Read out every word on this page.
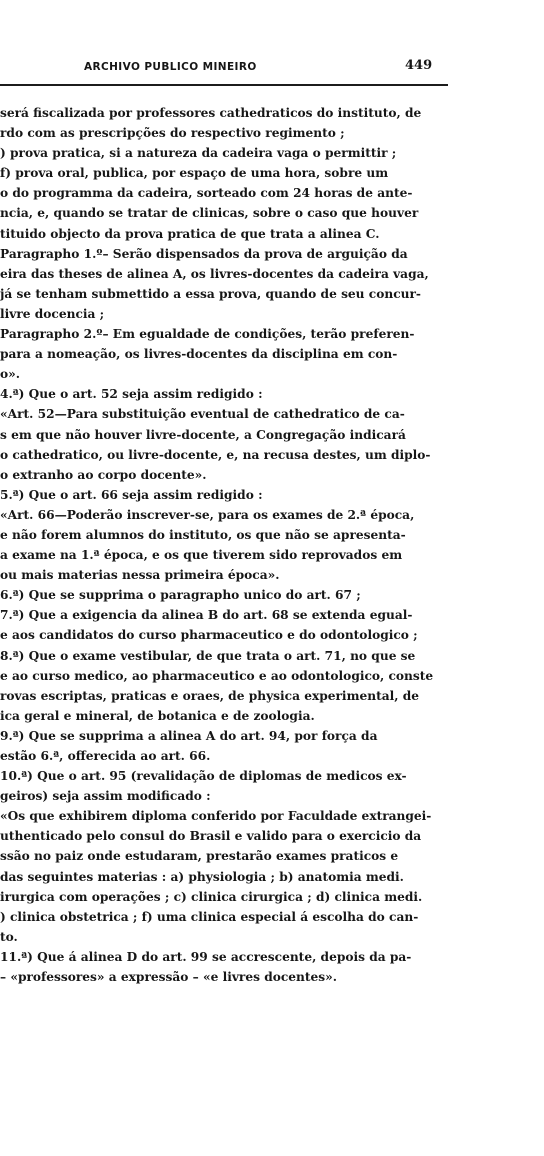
ARCHIVO PUBLICO MINEIRO	449
será fiscalizada por professores cathedraticos do instituto, de
rdo com as prescripções do respectivo regimento ;
) prova pratica, si a natureza da cadeira vaga o permittir ;
f) prova oral, publica, por espaço de uma hora, sobre um
o do programma da cadeira, sorteado com 24 horas de ante-
ncia, e, quando se tratar de clinicas, sobre o caso que houver
tituido objecto da prova pratica de que trata a alinea C.
Paragrapho 1.º– Serão dispensados da prova de arguição da
eira das theses de alinea A, os livres-docentes da cadeira vaga,
já se tenham submettido a essa prova, quando de seu concur-
livre docencia ;
Paragrapho 2.º– Em egualdade de condições, terão preferen-
para a nomeação, os livres-docentes da disciplina em con-
o».
4.ª) Que o art. 52 seja assim redigido :
«Art. 52—Para substituição eventual de cathedratico de ca-
s em que não houver livre-docente, a Congregação indicará
o cathedratico, ou livre-docente, e, na recusa destes, um diplo-
o extranho ao corpo docente».
5.ª) Que o art. 66 seja assim redigido :
«Art. 66—Poderão inscrever-se, para os exames de 2.ª época,
e não forem alumnos do instituto, os que não se apresenta-
a exame na 1.ª época, e os que tiverem sido reprovados em
ou mais materias nessa primeira época».
6.ª) Que se supprima o paragrapho unico do art. 67 ;
7.ª) Que a exigencia da alinea B do art. 68 se extenda egual-
e aos candidatos do curso pharmaceutico e do odontologico ;
8.ª) Que o exame vestibular, de que trata o art. 71, no que se
e ao curso medico, ao pharmaceutico e ao odontologico, conste
rovas escriptas, praticas e oraes, de physica experimental, de
ica geral e mineral, de botanica e de zoologia.
9.ª) Que se supprima a alinea A do art. 94, por força da
estão 6.ª, offerecida ao art. 66.
10.ª) Que o art. 95 (revalidação de diplomas de medicos ex-
geiros) seja assim modificado :
«Os que exhibirem diploma conferido por Faculdade extrangei-
uthenticado pelo consul do Brasil e valido para o exercicio da
ssão no paiz onde estudaram, prestarão exames praticos e
das seguintes materias : a) physiologia ; b) anatomia medi.
irurgica com operações ; c) clinica cirurgica ; d) clinica medi.
) clinica obstetrica ; f) uma clinica especial á escolha do can-
to.
11.ª) Que á alinea D do art. 99 se accrescente, depois da pa-
– «professores» a expressão – «e livres docentes».
